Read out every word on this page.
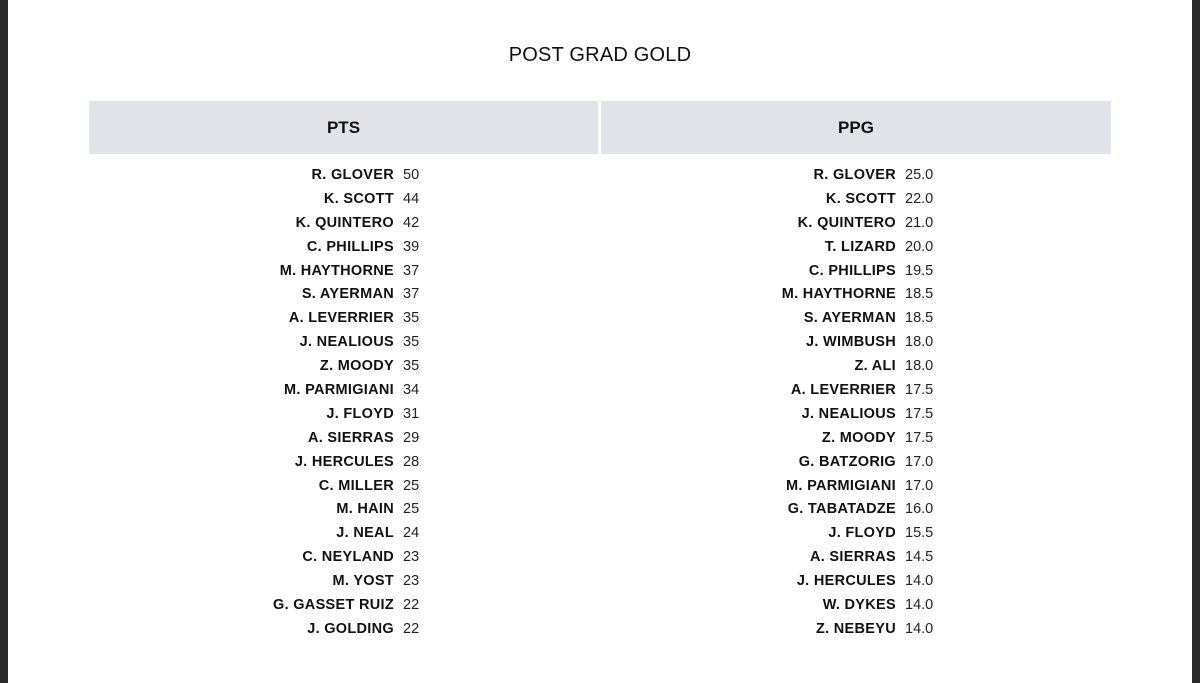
POST GRAD GOLD
PTS	PPG
R. GLOVER 50
K. SCOTT 44
K. QUINTERO 42
C. PHILLIPS 39
M. HAYTHORNE 37
S. AYERMAN 37
A. LEVERRIER 35
J. NEALIOUS 35
Z. MOODY 35
M. PARMIGIANI 34
J. FLOYD 31
A. SIERRAS 29
J. HERCULES 28
C. MILLER 25
M. HAIN 25
J. NEAL 24
C. NEYLAND 23
M. YOST 23
G. GASSET RUIZ 22
J. GOLDING 22
R. GLOVER 25.0
K. SCOTT 22.0
K. QUINTERO 21.0
T. LIZARD 20.0
C. PHILLIPS 19.5
M. HAYTHORNE 18.5
S. AYERMAN 18.5
J. WIMBUSH 18.0
Z. ALI 18.0
A. LEVERRIER 17.5
J. NEALIOUS 17.5
Z. MOODY 17.5
G. BATZORIG 17.0
M. PARMIGIANI 17.0
G. TABATADZE 16.0
J. FLOYD 15.5
A. SIERRAS 14.5
J. HERCULES 14.0
W. DYKES 14.0
Z. NEBEYU 14.0
